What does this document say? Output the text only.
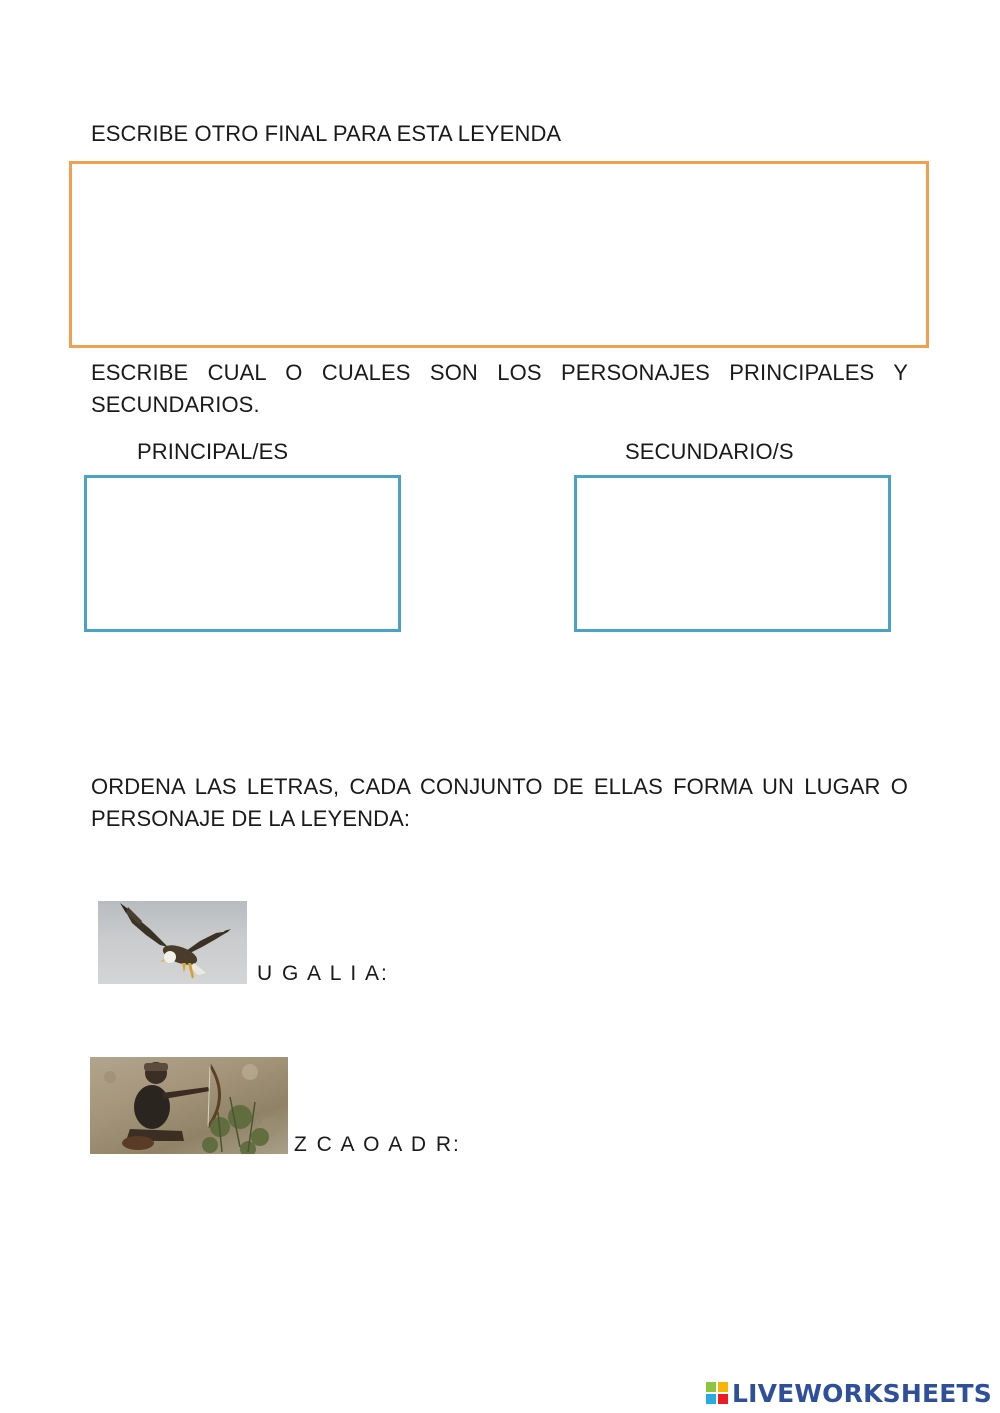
ESCRIBE OTRO FINAL PARA ESTA LEYENDA
ESCRIBE CUAL O CUALES SON LOS PERSONAJES PRINCIPALES Y SECUNDARIOS.
PRINCIPAL/ES	SECUNDARIO/S
ORDENA LAS LETRAS, CADA CONJUNTO DE ELLAS FORMA UN LUGAR O PERSONAJE DE LA LEYENDA:
U G A L I A:
Z C A O A D R:
LIVEWORKSHEETS
